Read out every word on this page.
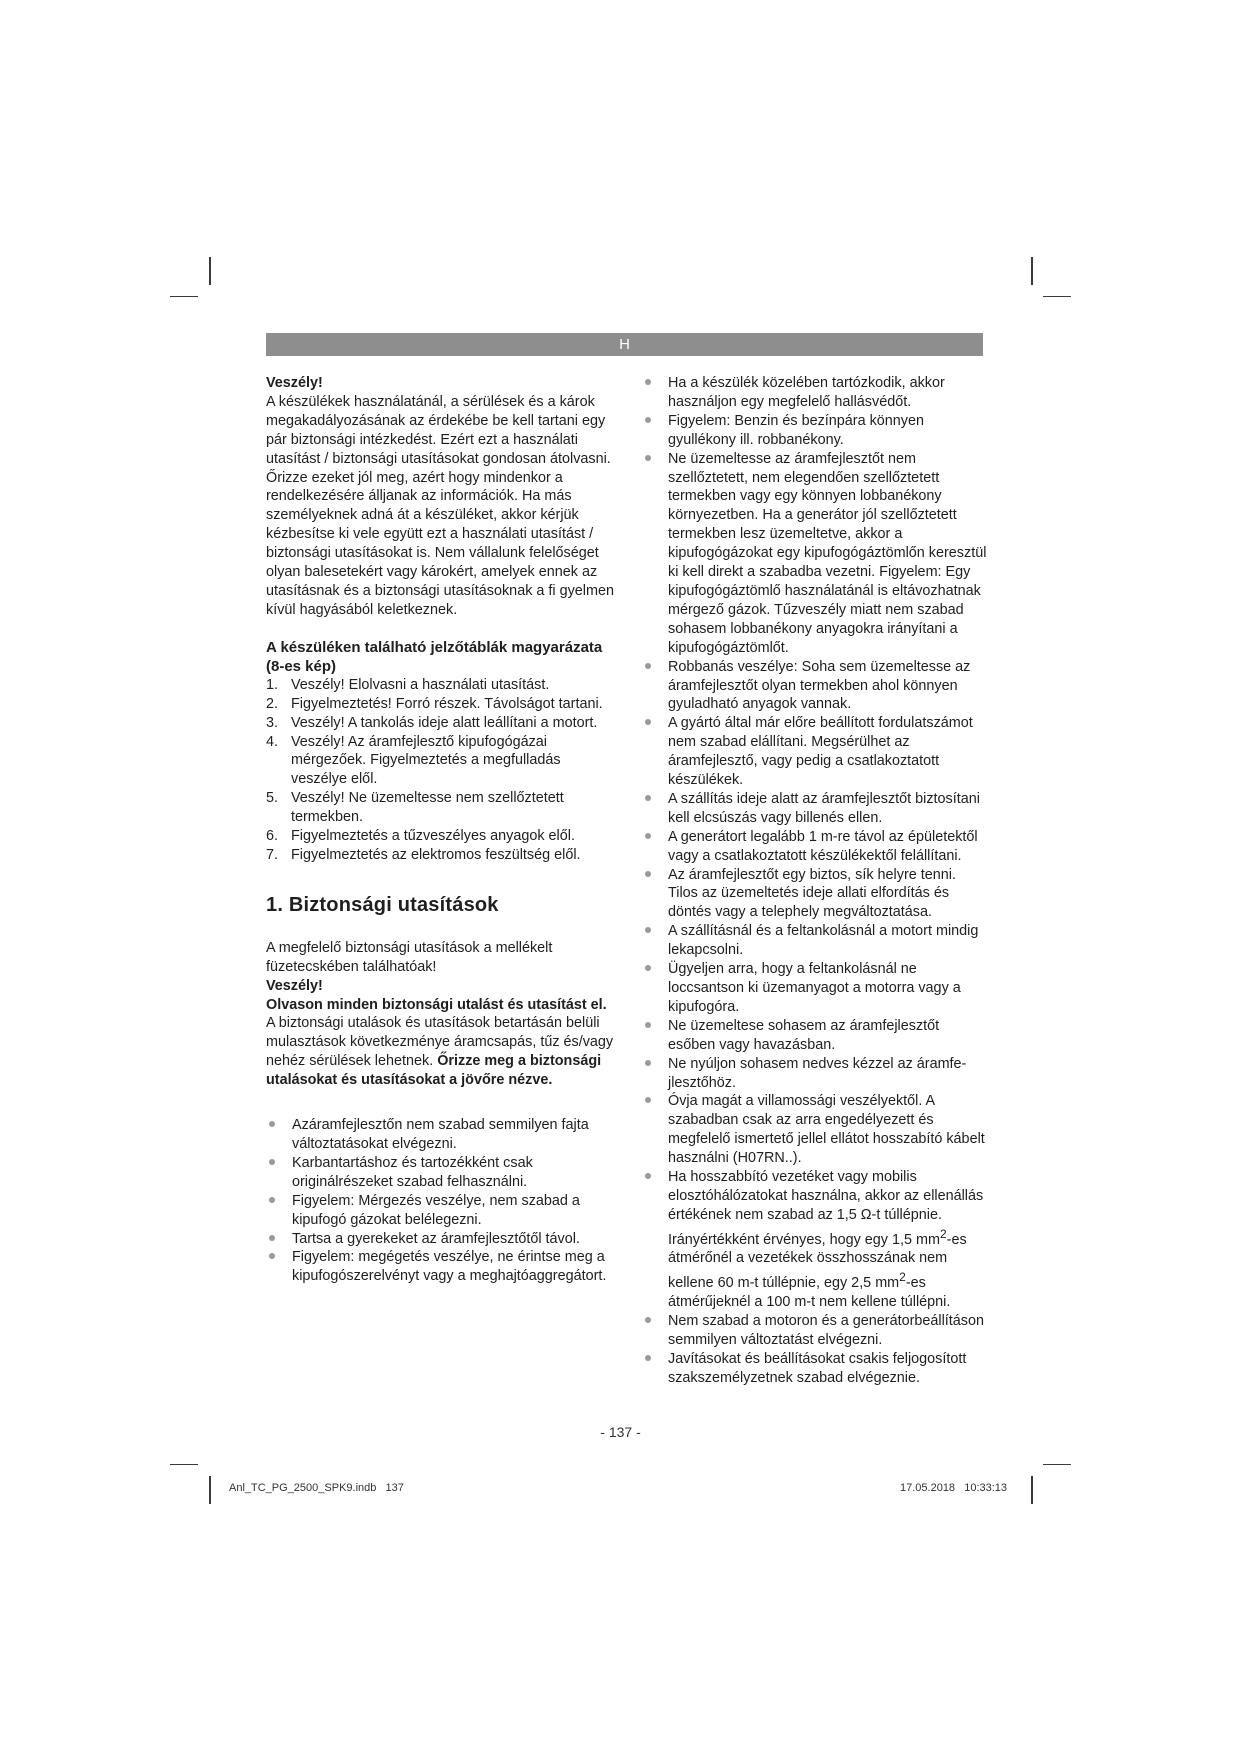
H

Veszély!

A készülékek használatánál, a sérülések és a károk megakadályozásának az érdekébe be kell tartani egy pár biztonsági intézkedést. Ezért ezt a használati utasítást / biztonsági utasításokat gondosan átolvasni. Őrizze ezeket jól meg, azért hogy mindenkor a rendelkezésére álljanak az információk. Ha más személyeknek adná át a készüléket, akkor kérjük kézbesítse ki vele együtt ezt a használati utasítást / biztonsági utasításokat is. Nem vállalunk felelőséget olyan balesetekért vagy károkért, amelyek ennek az utasításnak és a biztonsági utasításoknak a fi gyelmen kívül hagyásából keletkeznek.

A készüléken található jelzőtáblák magyarázata (8-es kép)

1. Veszély! Elolvasni a használati utasítást.
2. Figyelmeztetés! Forró részek. Távolságot tartani.
3. Veszély! A tankolás ideje alatt leállítani a motort.
4. Veszély! Az áramfejlesztő kipufogógázai mérgezőek. Figyelmeztetés a megfulladás veszélye elől.
5. Veszély! Ne üzemeltesse nem szellőztetett termekben.
6. Figyelmeztetés a tűzveszélyes anyagok elől.
7. Figyelmeztetés az elektromos feszültség elől.

1. Biztonsági utasítások

A megfelelő biztonsági utasítások a mellékelt füzetecskében találhatóak!

Veszély!

Olvason minden biztonsági utalást és utasítást el. A biztonsági utalások és utasítások betartásán belüli mulasztások következménye áramcsapás, tűz és/vagy nehéz sérülések lehetnek. Őrizze meg a biztonsági utalásokat és utasításokat a jövőre nézve.

Azáramfejlesztőn nem szabad semmilyen fajta változtatásokat elvégezni.
Karbantartáshoz és tartozékként csak originálrészeket szabad felhasználni.
Figyelem: Mérgezés veszélye, nem szabad a kipufogó gázokat belélegezni.
Tartsa a gyerekeket az áramfejlesztőtől távol.
Figyelem: megégetés veszélye, ne érintse meg a kipufogószerelvényt vagy a meghajtóaggregátort.
Ha a készülék közelében tartózkodik, akkor használjon egy megfelelő hallásvédőt.
Figyelem: Benzin és bezínpára könnyen gyullékony ill. robbanékony.
Ne üzemeltesse az áramfejlesztőt nem szellőztetett, nem elegendően szellőztetett termekben vagy egy könnyen lobbanékony környezetben. Ha a generátor jól szellőztetett termekben lesz üzemeltetve, akkor a kipufogógázokat egy kipufogógáztömlőn keresztül ki kell direkt a szabadba vezetni. Figyelem: Egy kipufogógáztömlő használatánál is eltávozhatnak mérgező gázok. Tűzveszély miatt nem szabad sohasem lobbanékony anyagokra irányítani a kipufogógáztömlőt.
Robbanás veszélye: Soha sem üzemeltesse az áramfejlesztőt olyan termekben ahol könnyen gyuladható anyagok vannak.
A gyártó által már előre beállított fordulatszámot nem szabad elállítani. Megsérülhet az áramfejlesztő, vagy pedig a csatlakoztatott készülékek.
A szállítás ideje alatt az áramfejlesztőt biztosítani kell elcsúszás vagy billenés ellen.
A generátort legalább 1 m-re távol az épületektől vagy a csatlakoztatott készülékektől felállítani.
Az áramfejlesztőt egy biztos, sík helyre tenni. Tilos az üzemeltetés ideje allati elfordítás és döntés vagy a telephely megváltoztatása.
A szállításnál és a feltankolásnál a motort mindig lekapcsolni.
Ügyeljen arra, hogy a feltankolásnál ne loccsantson ki üzemanyagot a motorra vagy a kipufogóra.
Ne üzemeltese sohasem az áramfejlesztőt esőben vagy havazásban.
Ne nyúljon sohasem nedves kézzel az áramfe-jlesztőhöz.
Óvja magát a villamossági veszélyektől. A szabadban csak az arra engedélyezett és megfelelő ismertető jellel ellátot hosszabító kábelt használni (H07RN..).
Ha hosszabbító vezetéket vagy mobilis elosztóhálózatokat használna, akkor az ellenállás értékének nem szabad az 1,5 Ω-t túllépnie. Irányértékként érvényes, hogy egy 1,5 $mm^2-es$ átmérőnél a vezetékek összhosszának nem kellene 60 m-t túllépnie, egy 2,5 $mm^2-es$ átmérűjeknél a 100 m-t nem kellene túllépni.
Nem szabad a motoron és a generátorbeállításon semmilyen változtatást elvégezni.
Javításokat és beállításokat csakis feljogosított szakszemélyzetnek szabad elvégeznie.
- 137 -
Anl_TC_PG_2500_SPK9.indb   137	17.05.2018   10:33:13
